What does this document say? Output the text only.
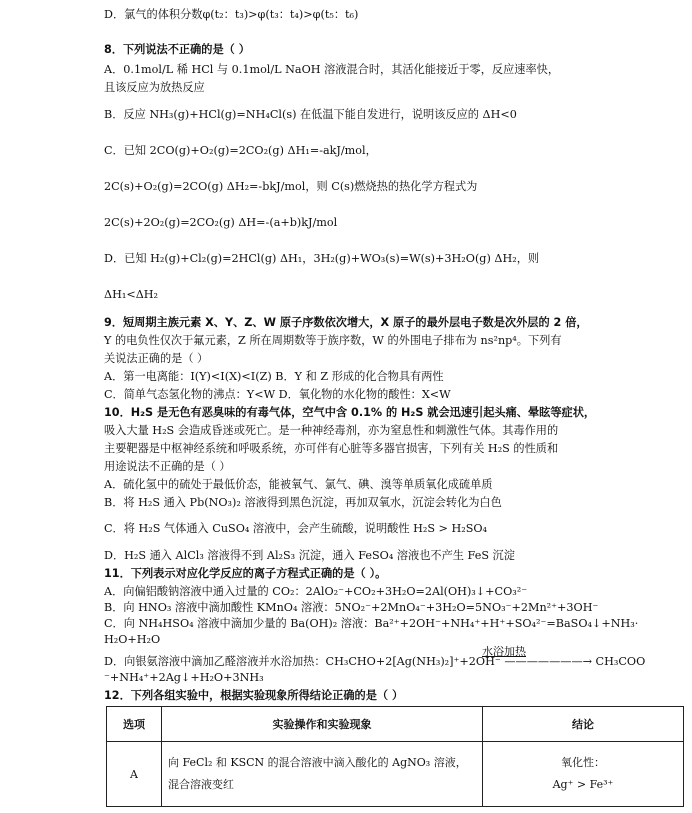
D．氯气的体积分数φ(t₂：t₃)>φ(t₃：t₄)>φ(t₅：t₆)
8．下列说法不正确的是（ ）
A．0.1mol/L 稀 HCl 与 0.1mol/L NaOH 溶液混合时，其活化能接近于零，反应速率快，
且该反应为放热反应
B．反应 NH₃(g)+HCl(g)=NH₄Cl(s) 在低温下能自发进行，说明该反应的 ΔH<0
C．已知 2CO(g)+O₂(g)=2CO₂(g) ΔH₁=-akJ/mol，
2C(s)+O₂(g)=2CO(g) ΔH₂=-bkJ/mol，则 C(s)燃烧热的热化学方程式为
2C(s)+2O₂(g)=2CO₂(g) ΔH=-(a+b)kJ/mol
D．已知 H₂(g)+Cl₂(g)=2HCl(g) ΔH₁，3H₂(g)+WO₃(s)=W(s)+3H₂O(g) ΔH₂，则
ΔH₁<ΔH₂
9．短周期主族元素 X、Y、Z、W 原子序数依次增大，X 原子的最外层电子数是次外层的 2 倍，
Y 的电负性仅次于氟元素，Z 所在周期数等于族序数，W 的外围电子排布为 ns²np⁴。下列有
关说法正确的是（ ）
A．第一电离能：I(Y)<I(X)<I(Z) B．Y 和 Z 形成的化合物具有两性
C．简单气态氢化物的沸点：Y<W D．氧化物的水化物的酸性：X<W
10．H₂S 是无色有恶臭味的有毒气体，空气中含 0.1% 的 H₂S 就会迅速引起头痛、晕眩等症状，
吸入大量 H₂S 会造成昏迷或死亡。是一种神经毒剂，亦为窒息性和刺激性气体。其毒作用的
主要靶器是中枢神经系统和呼吸系统，亦可伴有心脏等多器官损害，下列有关 H₂S 的性质和
用途说法不正确的是（ ）
A．硫化氢中的硫处于最低价态，能被氧气、氯气、碘、溴等单质氧化成硫单质
B．将 H₂S 通入 Pb(NO₃)₂ 溶液得到黑色沉淀，再加双氧水，沉淀会转化为白色
C．将 H₂S 气体通入 CuSO₄ 溶液中，会产生硫酸，说明酸性 H₂S > H₂SO₄
D．H₂S 通入 AlCl₃ 溶液得不到 Al₂S₃ 沉淀，通入 FeSO₄ 溶液也不产生 FeS 沉淀
11．下列表示对应化学反应的离子方程式正确的是（ ）。
A．向偏铝酸钠溶液中通入过量的 CO₂：2AlO₂⁻+CO₂+3H₂O=2Al(OH)₃↓+CO₃²⁻
B．向 HNO₃ 溶液中滴加酸性 KMnO₄ 溶液：5NO₂⁻+2MnO₄⁻+3H₂O=5NO₃⁻+2Mn²⁺+3OH⁻
C．向 NH₄HSO₄ 溶液中滴加少量的 Ba(OH)₂ 溶液：Ba²⁺+2OH⁻+NH₄⁺+H⁺+SO₄²⁻=BaSO₄↓+NH₃·
H₂O+H₂O
D．向银氨溶液中滴加乙醛溶液并水浴加热：CH₃CHO+2[Ag(NH₃)₂]⁺+2OH⁻ ———————→ CH₃COO
⁻+NH₄⁺+2Ag↓+H₂O+3NH₃
12．下列各组实验中，根据实验现象所得结论正确的是（ ）
水浴加热
选项	实验操作和实验现象	结论
A	向 FeCl₂ 和 KSCN 的混合溶液中滴入酸化的 AgNO₃ 溶液，混合溶液变红	氧化性：
Ag⁺ > Fe³⁺
